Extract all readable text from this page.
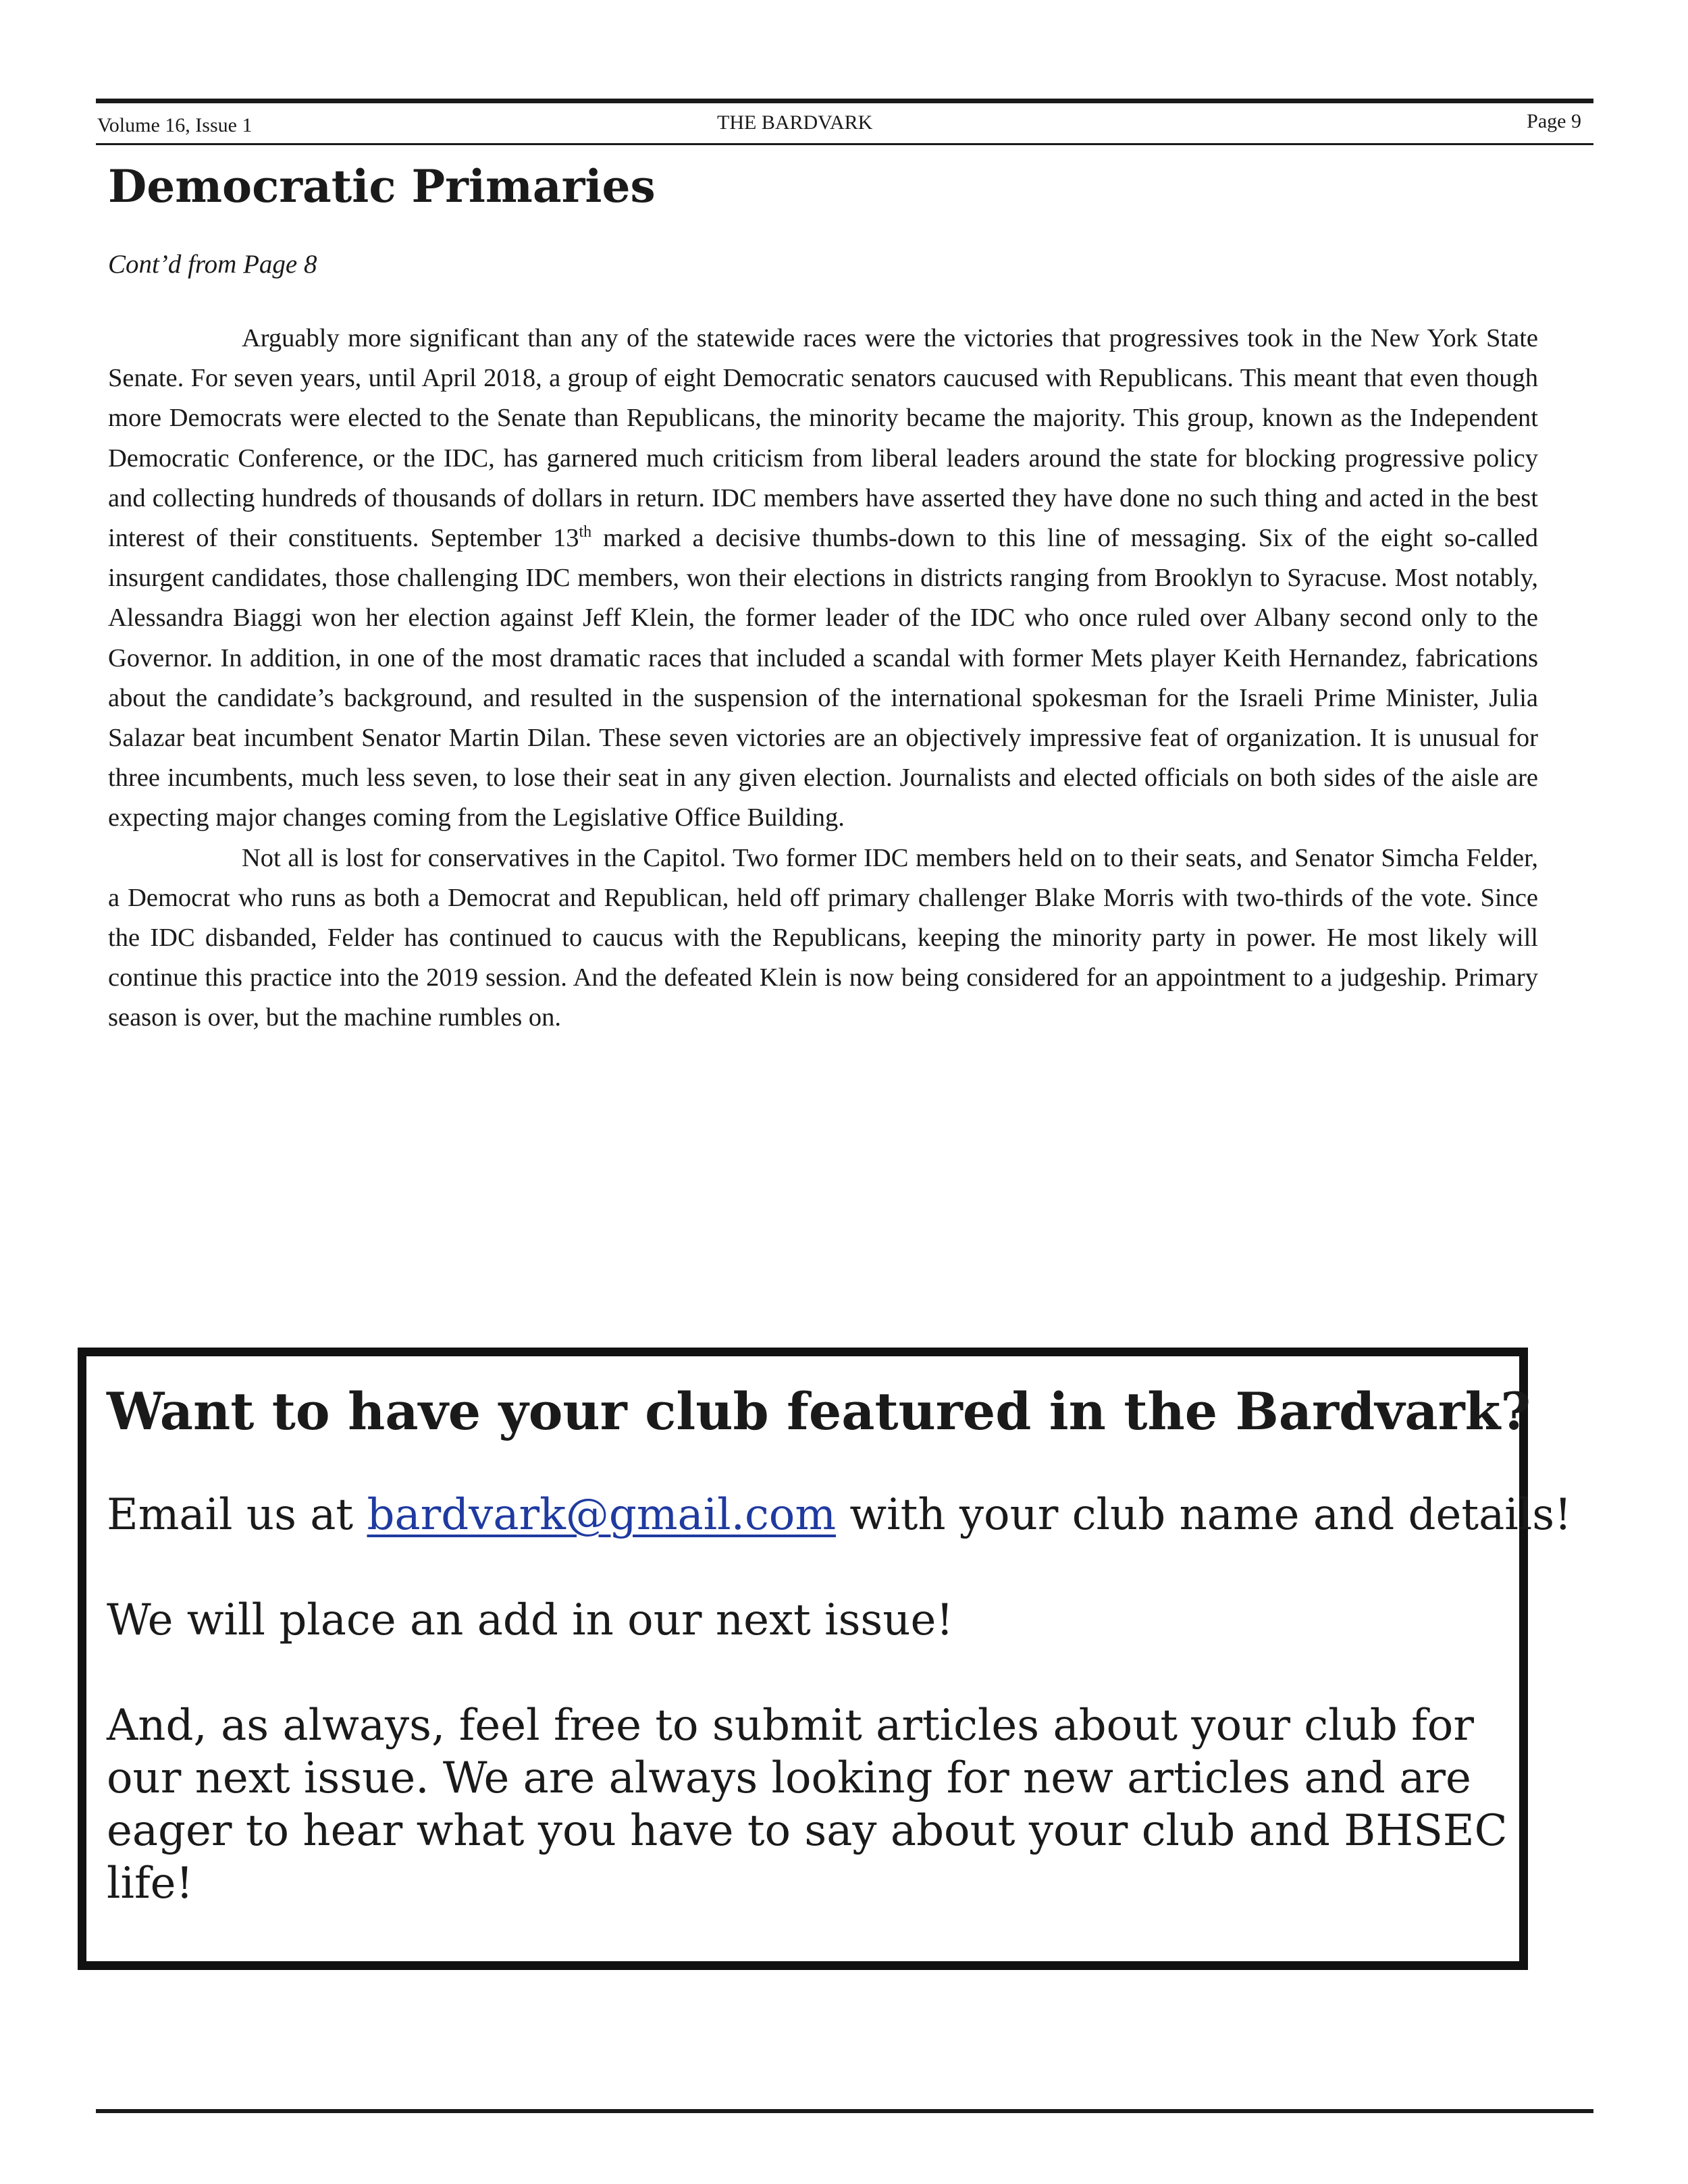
Volume 16, Issue 1	THE BARDVARK	Page 9
Democratic Primaries
Cont’d from Page 8

Arguably more significant than any of the statewide races were the victories that progressives took in the New York State Senate. For seven years, until April 2018, a group of eight Democratic senators caucused with Republicans. This meant that even though more Democrats were elected to the Senate than Republicans, the minority became the majority. This group, known as the Independent Democratic Conference, or the IDC, has garnered much criticism from liberal leaders around the state for blocking progressive policy and collecting hundreds of thousands of dollars in return. IDC members have asserted they have done no such thing and acted in the best interest of their constituents. September 13th marked a decisive thumbs-down to this line of messaging. Six of the eight so-called insurgent candidates, those challenging IDC members, won their elections in districts ranging from Brooklyn to Syracuse. Most notably, Alessandra Biaggi won her election against Jeff Klein, the former leader of the IDC who once ruled over Albany second only to the Governor. In addition, in one of the most dramatic races that included a scandal with former Mets player Keith Hernandez, fabrications about the candidate’s background, and resulted in the suspension of the international spokesman for the Israeli Prime Minister, Julia Salazar beat incumbent Senator Martin Dilan. These seven victories are an objectively impressive feat of organization. It is unusual for three incumbents, much less seven, to lose their seat in any given election. Journalists and elected officials on both sides of the aisle are expecting major changes coming from the Legislative Office Building.

Not all is lost for conservatives in the Capitol. Two former IDC members held on to their seats, and Senator Simcha Felder, a Democrat who runs as both a Democrat and Republican, held off primary challenger Blake Morris with two-thirds of the vote. Since the IDC disbanded, Felder has continued to caucus with the Republicans, keeping the minority party in power. He most likely will continue this practice into the 2019 session. And the defeated Klein is now being considered for an appointment to a judgeship. Primary season is over, but the machine rumbles on.

Want to have your club featured in the Bardvark?

Email us at bardvark@gmail.com with your club name and details!

We will place an add in our next issue!

And, as always, feel free to submit articles about your club for our next issue. We are always looking for new articles and are eager to hear what you have to say about your club and BHSEC life!
